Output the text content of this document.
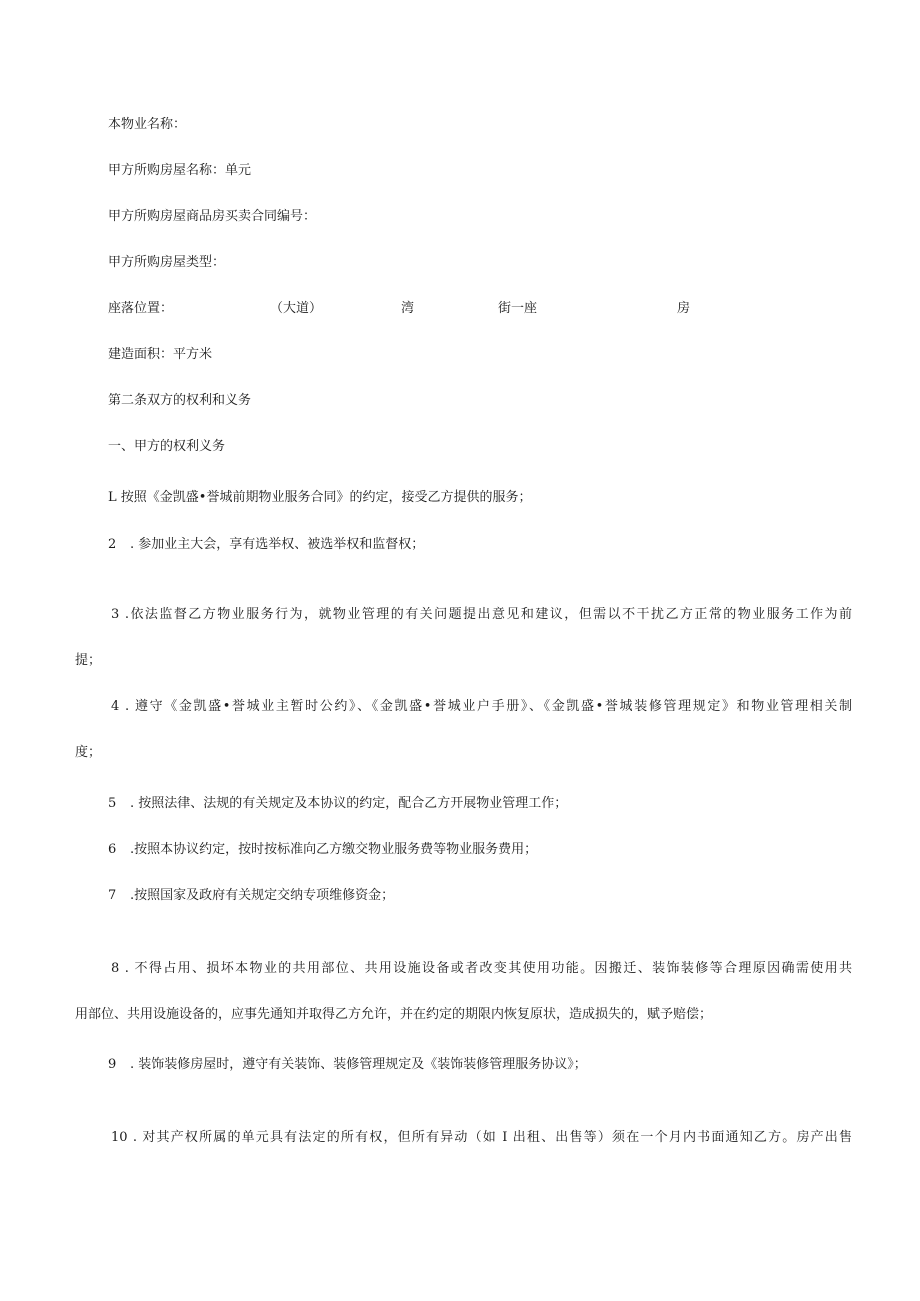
本物业名称：
甲方所购房屋名称：单元
甲方所购房屋商品房买卖合同编号：
甲方所购房屋类型：
座落位置：	（大道）	湾	街一座	房
建造面积：平方米
第二条双方的权利和义务
一、甲方的权利义务
L 按照《金凯盛•誉城前期物业服务合同》的约定，接受乙方提供的服务；
2 . 参加业主大会，享有选举权、被选举权和监督权；
3 .依法监督乙方物业服务行为，就物业管理的有关问题提出意见和建议，但需以不干扰乙方正常的物业服务工作为前
提；
4 . 遵守《金凯盛•誉城业主暂时公约》、《金凯盛•誉城业户手册》、《金凯盛•誉城装修管理规定》和物业管理相关制
度；
5 . 按照法律、法规的有关规定及本协议的约定，配合乙方开展物业管理工作；
6 .按照本协议约定，按时按标准向乙方缴交物业服务费等物业服务费用；
7 .按照国家及政府有关规定交纳专项维修资金；
8 . 不得占用、损坏本物业的共用部位、共用设施设备或者改变其使用功能。因搬迁、装饰装修等合理原因确需使用共
用部位、共用设施设备的，应事先通知并取得乙方允许，并在约定的期限内恢复原状，造成损失的，赋予赔偿；
9 . 装饰装修房屋时，遵守有关装饰、装修管理规定及《装饰装修管理服务协议》；
10 . 对其产权所属的单元具有法定的所有权，但所有异动（如 I 出租、出售等）须在一个月内书面通知乙方。房产出售
